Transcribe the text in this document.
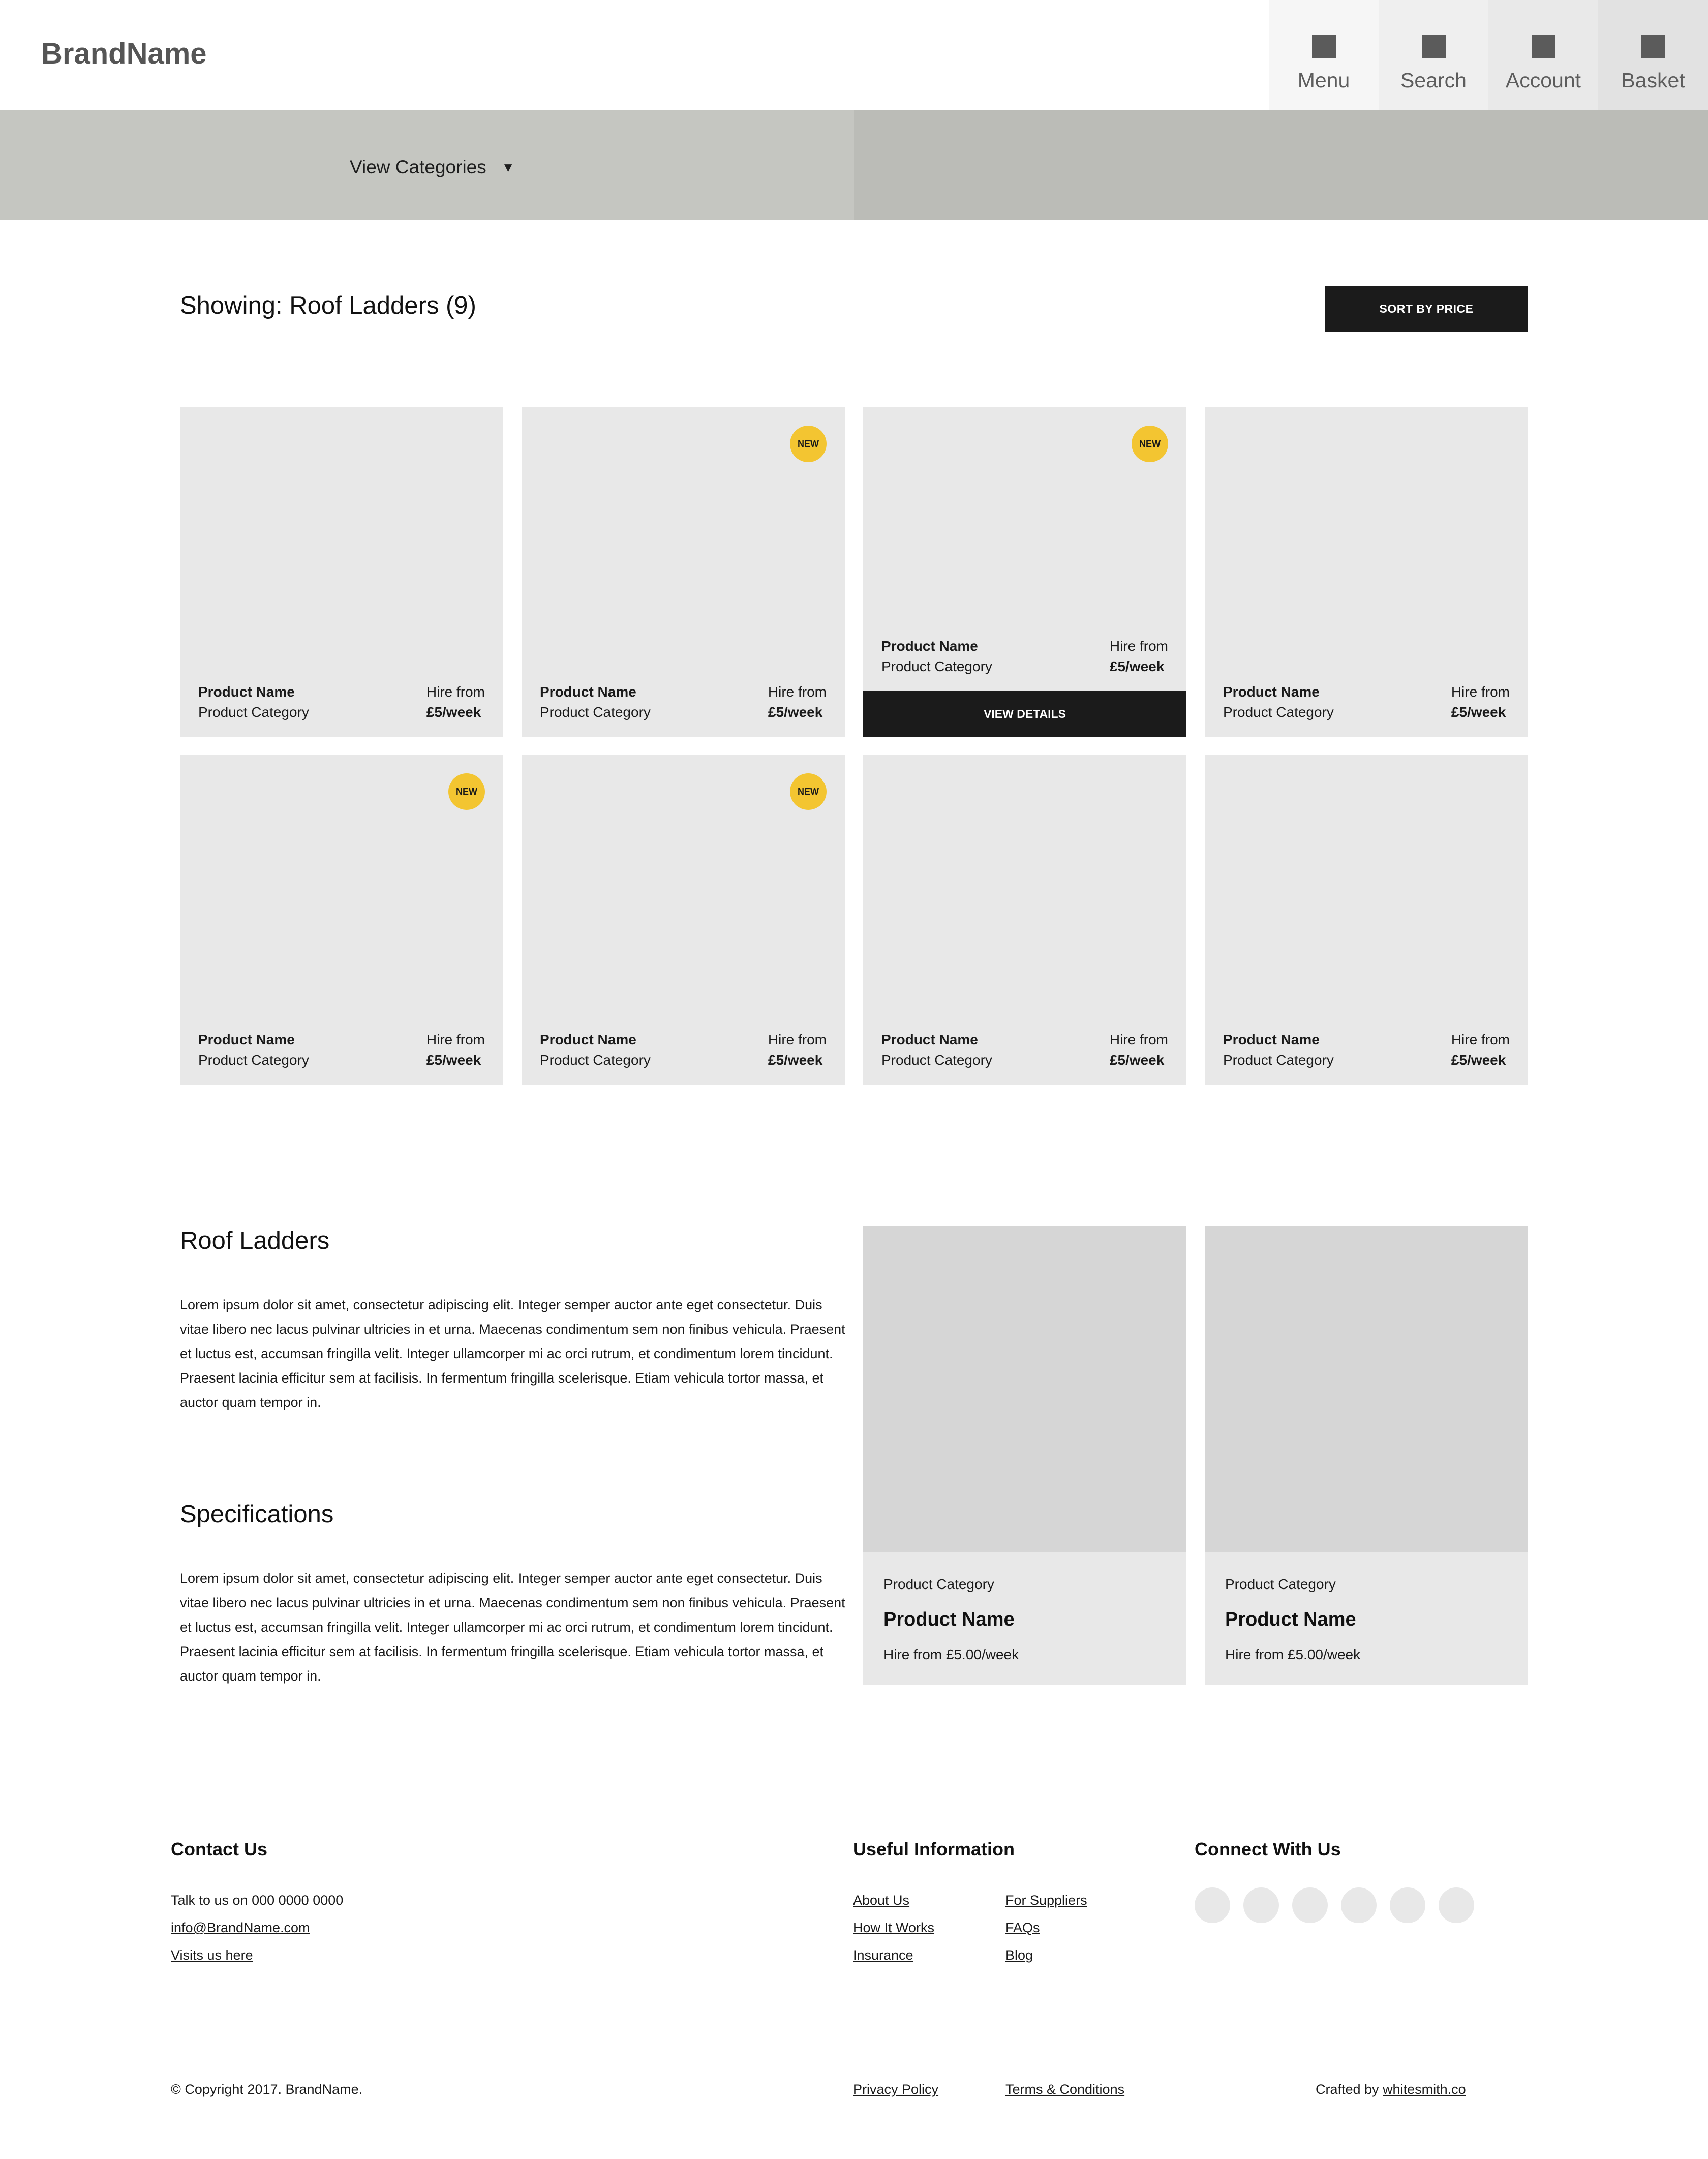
BrandName
Menu Search Account Basket
View Categories ▼
Showing: Roof Ladders (9)	SORT BY PRICE
Product Name
Product Category
Hire from
£5/week
NEW
Product Name
Product Category
Hire from
£5/week
NEW
Product Name
Product Category
Hire from
£5/week
VIEW DETAILS
Product Name
Product Category
Hire from
£5/week
NEW
Product Name
Product Category
Hire from
£5/week
NEW
Product Name
Product Category
Hire from
£5/week
Product Name
Product Category
Hire from
£5/week
Product Name
Product Category
Hire from
£5/week
Roof Ladders
Lorem ipsum dolor sit amet, consectetur adipiscing elit. Integer semper auctor ante eget consectetur. Duis vitae libero nec lacus pulvinar ultricies in et urna. Maecenas condimentum sem non finibus vehicula. Praesent et luctus est, accumsan fringilla velit. Integer ullamcorper mi ac orci rutrum, et condimentum lorem tincidunt. Praesent lacinia efficitur sem at facilisis. In fermentum fringilla scelerisque. Etiam vehicula tortor massa, et auctor quam tempor in.
Specifications
Lorem ipsum dolor sit amet, consectetur adipiscing elit. Integer semper auctor ante eget consectetur. Duis vitae libero nec lacus pulvinar ultricies in et urna. Maecenas condimentum sem non finibus vehicula. Praesent et luctus est, accumsan fringilla velit. Integer ullamcorper mi ac orci rutrum, et condimentum lorem tincidunt. Praesent lacinia efficitur sem at facilisis. In fermentum fringilla scelerisque. Etiam vehicula tortor massa, et auctor quam tempor in.
Product Category
Product Name
Hire from £5.00/week
Product Category
Product Name
Hire from £5.00/week
Contact Us
Talk to us on 000 0000 0000
info@BrandName.com
Visits us here
Useful Information
About Us
How It Works
Insurance
For Suppliers
FAQs
Blog
Connect With Us
© Copyright 2017. BrandName.	Privacy Policy	Terms & Conditions	Crafted by whitesmith.co
